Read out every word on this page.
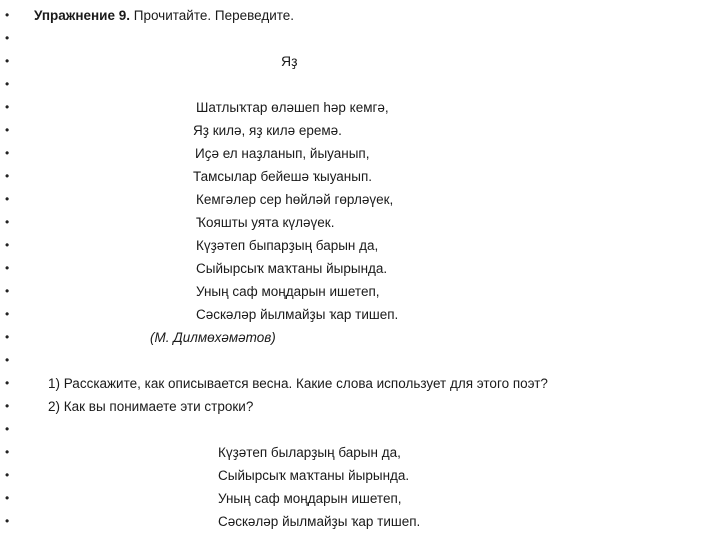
• Упражнение 9. Прочитайте. Переведите.
•
•	Яҙ
•
•	Шатлыҡтар өләшеп һәр кемгә,
•	Яҙ килә, яҙ килә еремә.
•	Иҫә ел наҙланып, йыуанып,
•	Тамсылар бейешә ҡыуанып.
•	Кемгәлер сер һөйләй гөрләүек,
•	Ҡояшты уята күләүек.
•	Күҙәтеп быпарҙың барын да,
•	Сыйырсыҡ маҡтаны йырында.
•	Уның саф моңдарын ишетеп,
•	Сәскәләр йылмайҙы ҡар тишеп.
•	(М. Дилмөхәмәтов)
•
•	1) Расскажите, как описывается весна. Какие слова использует для этого поэт?
•	2) Как вы понимаете эти строки?
•
•	Күҙәтеп быларҙың барын да,
•	Сыйырсыҡ маҡтаны йырында.
•	Уның саф моңдарын ишетеп,
•	Сәскәләр йылмайҙы ҡар тишеп.
